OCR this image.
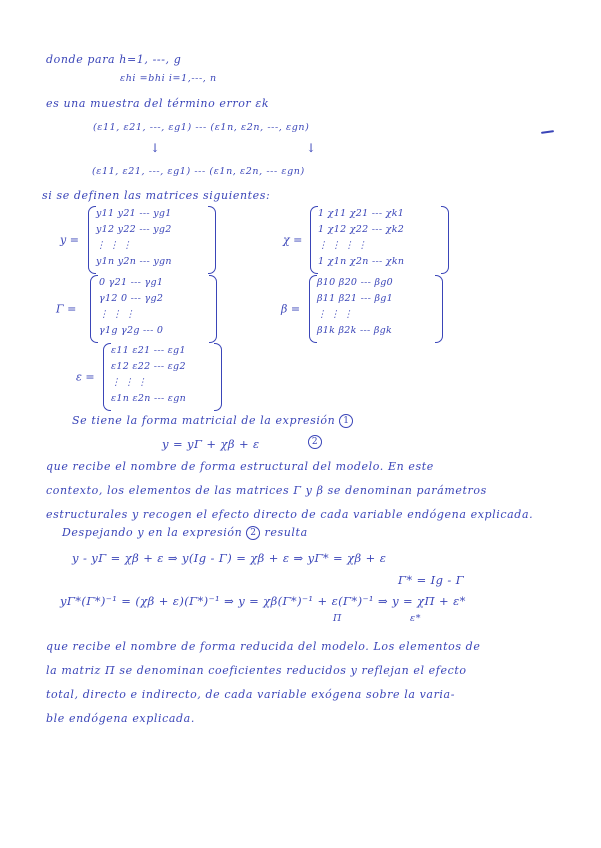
donde para h=1, ---, g
εhi =bhi i=1,---, n
es una muestra del término error εk
(ε11, ε21, ---, εg1) --- (ε1n, ε2n, ---, εgn)
↓	↓
(ε11, ε21, ---, εg1) --- (ε1n, ε2n, --- εgn)
si se definen las matrices siguientes:
y =
y11 y21 --- yg1
y12 y22 --- yg2
⋮ ⋮ ⋮
y1n y2n --- ygn
χ =
1 χ11 χ21 --- χk1
1 χ12 χ22 --- χk2
⋮ ⋮ ⋮ ⋮
1 χ1n χ2n --- χkn
Γ =
0 γ21 --- γg1
γ12 0 --- γg2
⋮ ⋮ ⋮
γ1g γ2g --- 0
β =
β10 β20 --- βg0
β11 β21 --- βg1
⋮ ⋮ ⋮
β1k β2k --- βgk
ε =
ε11 ε21 --- εg1
ε12 ε22 --- εg2
⋮ ⋮ ⋮
ε1n ε2n --- εgn
Se tiene la forma matricial de la expresión 1
y = yΓ + χβ + ε	2
que recibe el nombre de forma estructural del modelo. En este
contexto, los elementos de las matrices Γ y β se denominan parámetros
estructurales y recogen el efecto directo de cada variable endógena explicada.
Despejando y en la expresión 2 resulta
y - yΓ = χβ + ε ⇒ y(Ig - Γ) = χβ + ε ⇒ yΓ* = χβ + ε
Γ* = Ig - Γ
yΓ*(Γ*)⁻¹ = (χβ + ε)(Γ*)⁻¹ ⇒ y = χβ(Γ*)⁻¹ + ε(Γ*)⁻¹ ⇒ y = χΠ + ε*
Π	ε*
que recibe el nombre de forma reducida del modelo. Los elementos de
la matriz Π se denominan coeficientes reducidos y reflejan el efecto
total, directo e indirecto, de cada variable exógena sobre la varia-
ble endógena explicada.
